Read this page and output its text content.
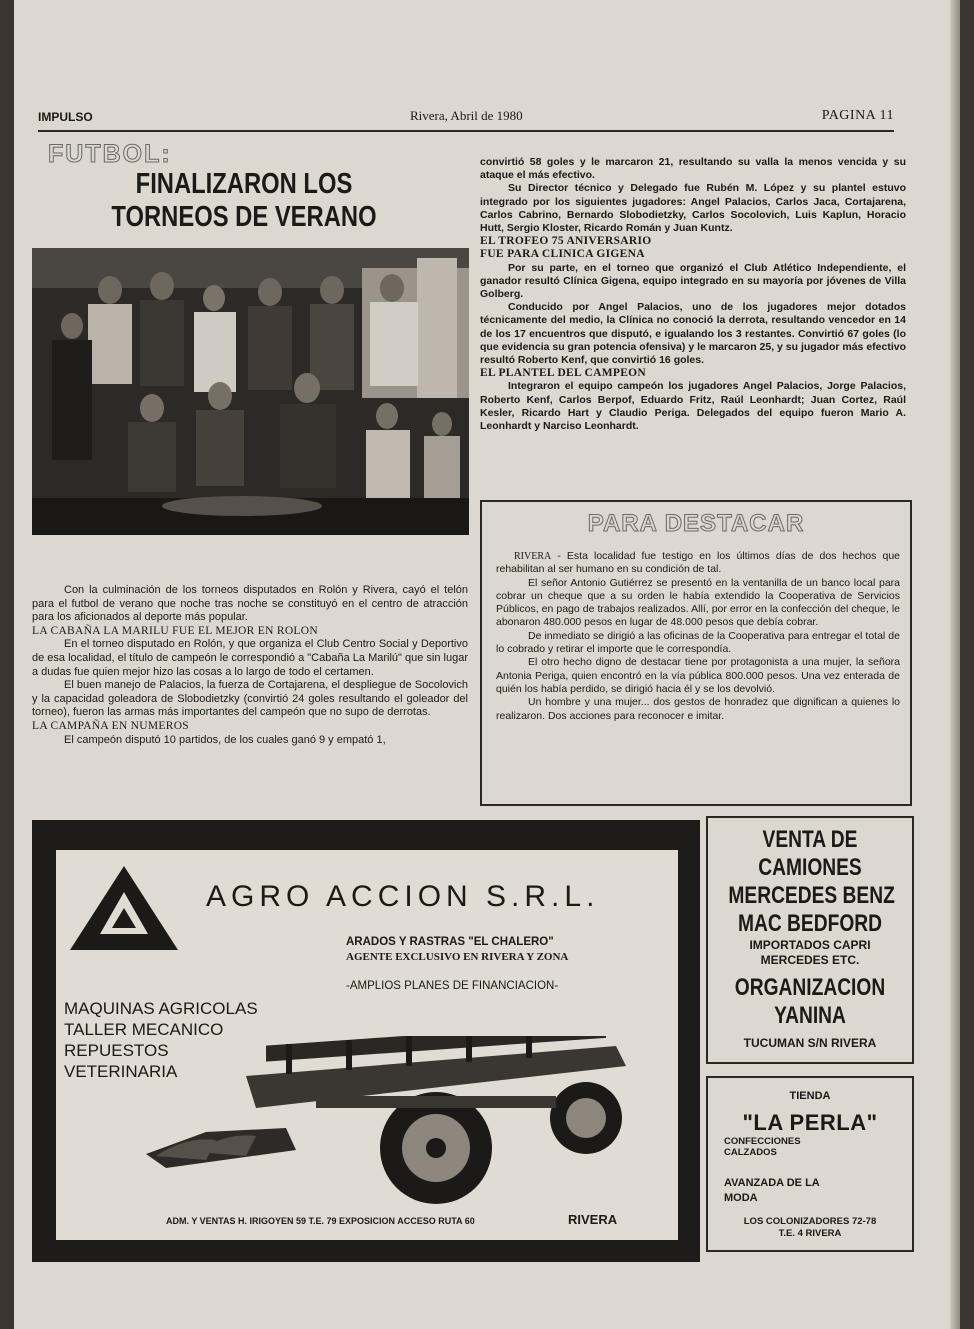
IMPULSO	Rivera, Abril de 1980	PAGINA 11
FUTBOL:
FINALIZARON LOS
TORNEOS DE VERANO

Con la culminación de los torneos disputados en Rolón y Rivera, cayó el telón para el futbol de verano que noche tras noche se constituyó en el centro de atracción para los aficionados al deporte más popular.

LA CABAÑA LA MARILU FUE EL MEJOR EN ROLON

En el torneo disputado en Rolón, y que organiza el Club Centro Social y Deportivo de esa localidad, el título de campeón le correspondió a "Cabaña La Marilú" que sin lugar a dudas fue quien mejor hizo las cosas a lo largo de todo el certamen.

El buen manejo de Palacios, la fuerza de Cortajarena, el despliegue de Socolovich y la capacidad goleadora de Slobodietzky (convirtió 24 goles resultando el goleador del torneo), fueron las armas más importantes del campeón que no supo de derrotas.

LA CAMPAÑA EN NUMEROS

El campeón disputó 10 partidos, de los cuales ganó 9 y empató 1,

convirtió 58 goles y le marcaron 21, resultando su valla la menos vencida y su ataque el más efectivo.

Su Director técnico y Delegado fue Rubén M. López y su plantel estuvo integrado por los siguientes jugadores: Angel Palacios, Carlos Jaca, Cortajarena, Carlos Cabrino, Bernardo Slobodietzky, Carlos Socolovich, Luis Kaplun, Horacio Hutt, Sergio Kloster, Ricardo Román y Juan Kuntz.

EL TROFEO 75 ANIVERSARIO

FUE PARA CLINICA GIGENA

Por su parte, en el torneo que organizó el Club Atlético Independiente, el ganador resultó Clínica Gigena, equipo integrado en su mayoría por jóvenes de Villa Golberg.

Conducido por Angel Palacios, uno de los jugadores mejor dotados técnicamente del medio, la Clínica no conoció la derrota, resultando vencedor en 14 de los 17 encuentros que disputó, e igualando los 3 restantes. Convirtió 67 goles (lo que evidencia su gran potencia ofensiva) y le marcaron 25, y su jugador más efectivo resultó Roberto Kenf, que convirtió 16 goles.

EL PLANTEL DEL CAMPEON

Integraron el equipo campeón los jugadores Angel Palacios, Jorge Palacios, Roberto Kenf, Carlos Berpof, Eduardo Fritz, Raúl Leonhardt; Juan Cortez, Raúl Kesler, Ricardo Hart y Claudio Periga. Delegados del equipo fueron Mario A. Leonhardt y Narciso Leonhardt.

PARA DESTACAR

RIVERA - Esta localidad fue testigo en los últimos días de dos hechos que rehabilitan al ser humano en su condición de tal.

El señor Antonio Gutiérrez se presentó en la ventanilla de un banco local para cobrar un cheque que a su orden le había extendido la Cooperativa de Servicios Públicos, en pago de trabajos realizados. Allí, por error en la confección del cheque, le abonaron 480.000 pesos en lugar de 48.000 pesos que debía cobrar.

De inmediato se dirigió a las oficinas de la Cooperativa para entregar el total de lo cobrado y retirar el importe que le correspondía.

El otro hecho digno de destacar tiene por protagonista a una mujer, la señora Antonia Periga, quien encontró en la vía pública 800.000 pesos. Una vez enterada de quién los había perdido, se dirigió hacia él y se los devolvió.

Un hombre y una mujer... dos gestos de honradez que dignifican a quienes lo realizaron. Dos acciones para reconocer e imitar.

AGRO ACCION S.R.L.
ARADOS Y RASTRAS "EL CHALERO"
AGENTE EXCLUSIVO EN RIVERA Y ZONA
-AMPLIOS PLANES DE FINANCIACION-
MAQUINAS AGRICOLAS
TALLER MECANICO
REPUESTOS
VETERINARIA
ADM. Y VENTAS H. IRIGOYEN 59 T.E. 79 EXPOSICION ACCESO RUTA 60	RIVERA
VENTA DE
CAMIONES
MERCEDES BENZ
MAC BEDFORD
IMPORTADOS CAPRI
MERCEDES ETC.
ORGANIZACION
YANINA
TUCUMAN S/N RIVERA
TIENDA
"LA PERLA"
CONFECCIONES
CALZADOS
AVANZADA DE LA
MODA
LOS COLONIZADORES 72-78
T.E. 4 RIVERA
